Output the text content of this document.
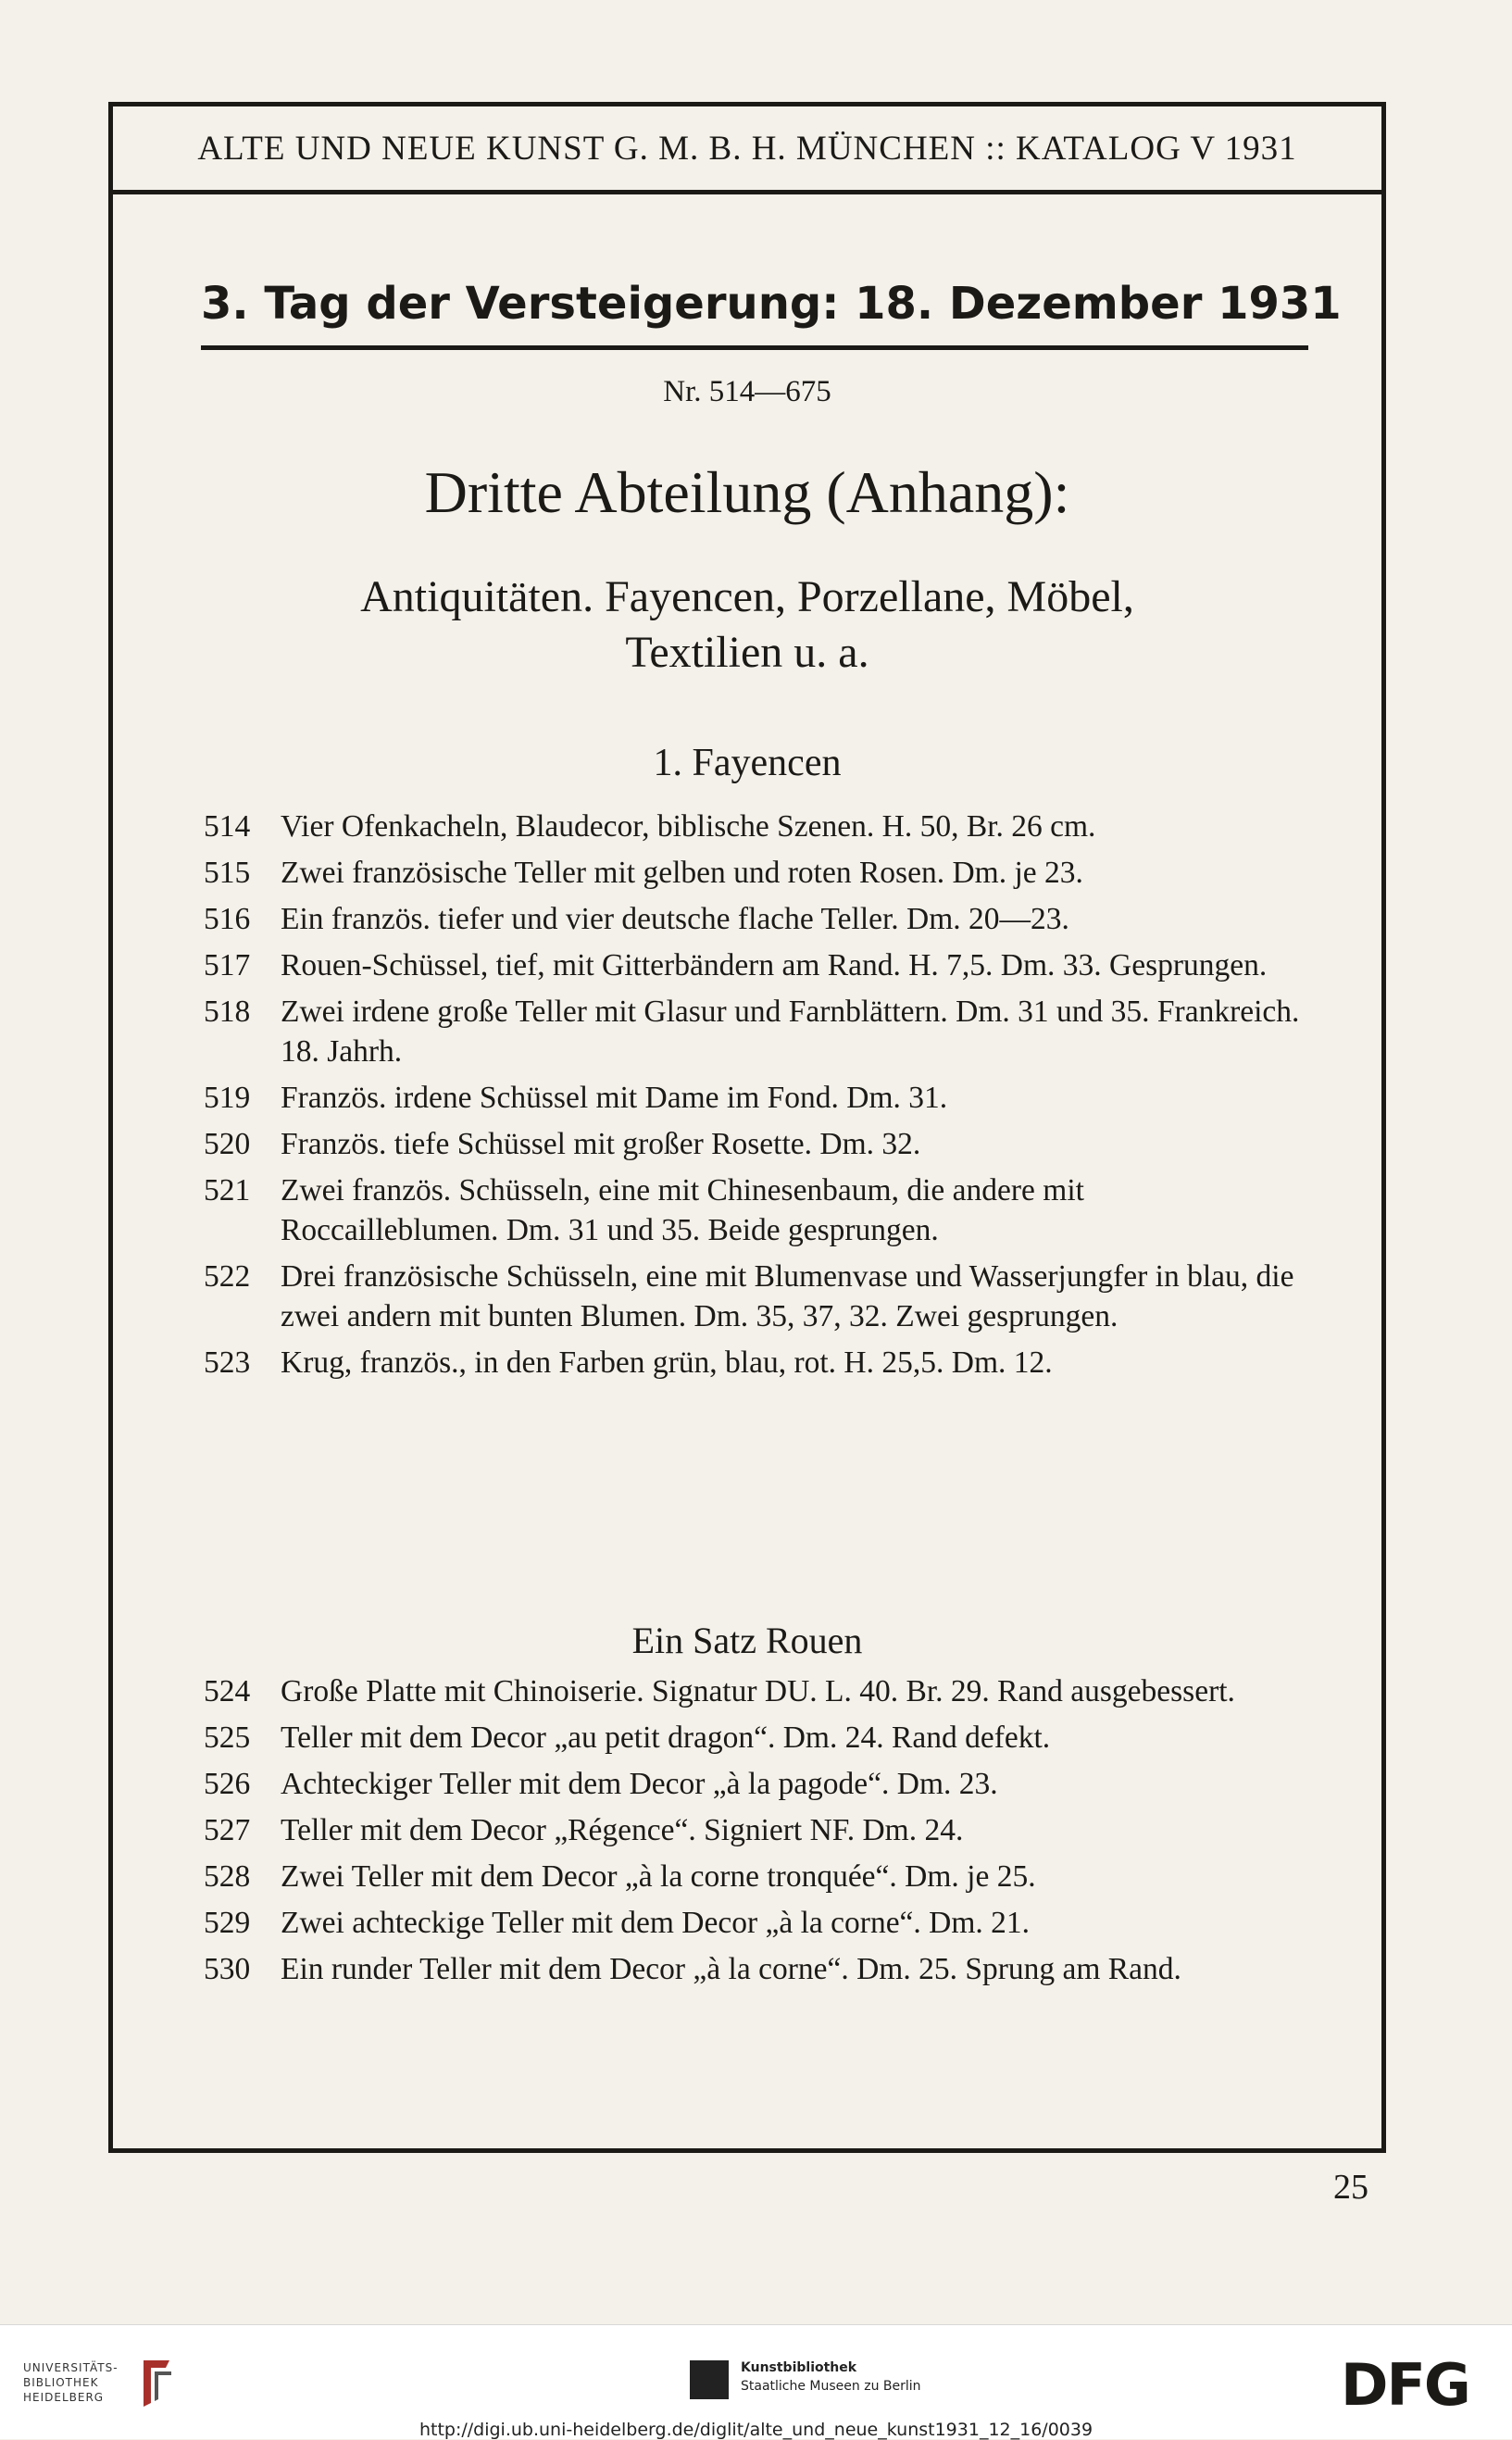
ALTE UND NEUE KUNST G. M. B. H. MÜNCHEN :: KATALOG V 1931
3. Tag der Versteigerung: 18. Dezember 1931
Nr. 514—675
Dritte Abteilung (Anhang):
Antiquitäten. Fayencen, Porzellane, Möbel,
Textilien u. a.
1. Fayencen
514 Vier Ofenkacheln, Blaudecor, biblische Szenen. H. 50, Br. 26 cm.
515 Zwei französische Teller mit gelben und roten Rosen. Dm. je 23.
516 Ein französ. tiefer und vier deutsche flache Teller. Dm. 20—23.
517 Rouen-Schüssel, tief, mit Gitterbändern am Rand. H. 7,5. Dm. 33. Gesprungen.
518 Zwei irdene große Teller mit Glasur und Farnblättern. Dm. 31 und 35. Frankreich. 18. Jahrh.
519 Französ. irdene Schüssel mit Dame im Fond. Dm. 31.
520 Französ. tiefe Schüssel mit großer Rosette. Dm. 32.
521 Zwei französ. Schüsseln, eine mit Chinesenbaum, die andere mit Roccailleblumen. Dm. 31 und 35. Beide gesprungen.
522 Drei französische Schüsseln, eine mit Blumenvase und Wasserjungfer in blau, die zwei andern mit bunten Blumen. Dm. 35, 37, 32. Zwei gesprungen.
523 Krug, französ., in den Farben grün, blau, rot. H. 25,5. Dm. 12.
Ein Satz Rouen
524 Große Platte mit Chinoiserie. Signatur DU. L. 40. Br. 29. Rand ausgebessert.
525 Teller mit dem Decor „au petit dragon“. Dm. 24. Rand defekt.
526 Achteckiger Teller mit dem Decor „à la pagode“. Dm. 23.
527 Teller mit dem Decor „Régence“. Signiert NF. Dm. 24.
528 Zwei Teller mit dem Decor „à la corne tronquée“. Dm. je 25.
529 Zwei achteckige Teller mit dem Decor „à la corne“. Dm. 21.
530 Ein runder Teller mit dem Decor „à la corne“. Dm. 25. Sprung am Rand.
25
UNIVERSITÄTS-
BIBLIOTHEK
HEIDELBERG
Kunstbibliothek
Staatliche Museen zu Berlin	DFG
http://digi.ub.uni-heidelberg.de/diglit/alte_und_neue_kunst1931_12_16/0039
